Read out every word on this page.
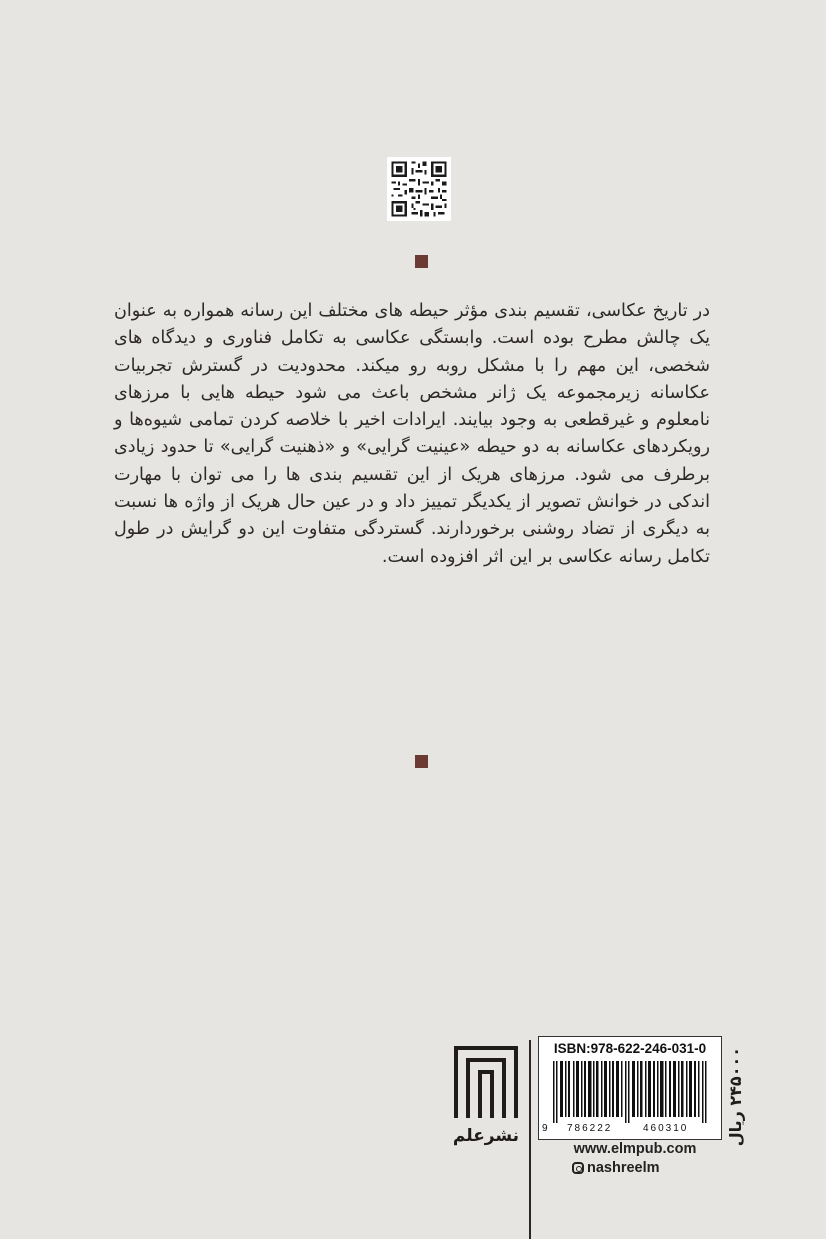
در تاریخ عکاسی، تقسیم بندی مؤثر حیطه های مختلف این رسانه همواره به عنوان یک چالش مطرح بوده است. وابستگی عکاسی به تکامل فناوری و دیدگاه های شخصی، این مهم را با مشکل روبه رو میکند. محدودیت در گسترش تجربیات عکاسانه زیرمجموعه یک ژانر مشخص باعث می شود حیطه هایی با مرزهای نامعلوم و غیرقطعی به وجود بیایند. ایرادات اخیر با خلاصه کردن تمامی شیوه‌ها و رویکردهای عکاسانه به دو حیطه «عینیت گرایی» و «ذهنیت گرایی» تا حدود زیادی برطرف می شود. مرزهای هریک از این تقسیم بندی ها را می توان با مهارت اندکی در خوانش تصویر از یکدیگر تمییز داد و در عین حال هریک از واژه ها نسبت به دیگری از تضاد روشنی برخوردارند. گستردگی متفاوت این دو گرایش در طول تکامل رسانه عکاسی بر این اثر افزوده است.
نشرعلم
ISBN:978-622-246-031-0
9 786222	460310 ۲۴۵۰۰۰ ریال
www.elmpub.com
nashreelm
